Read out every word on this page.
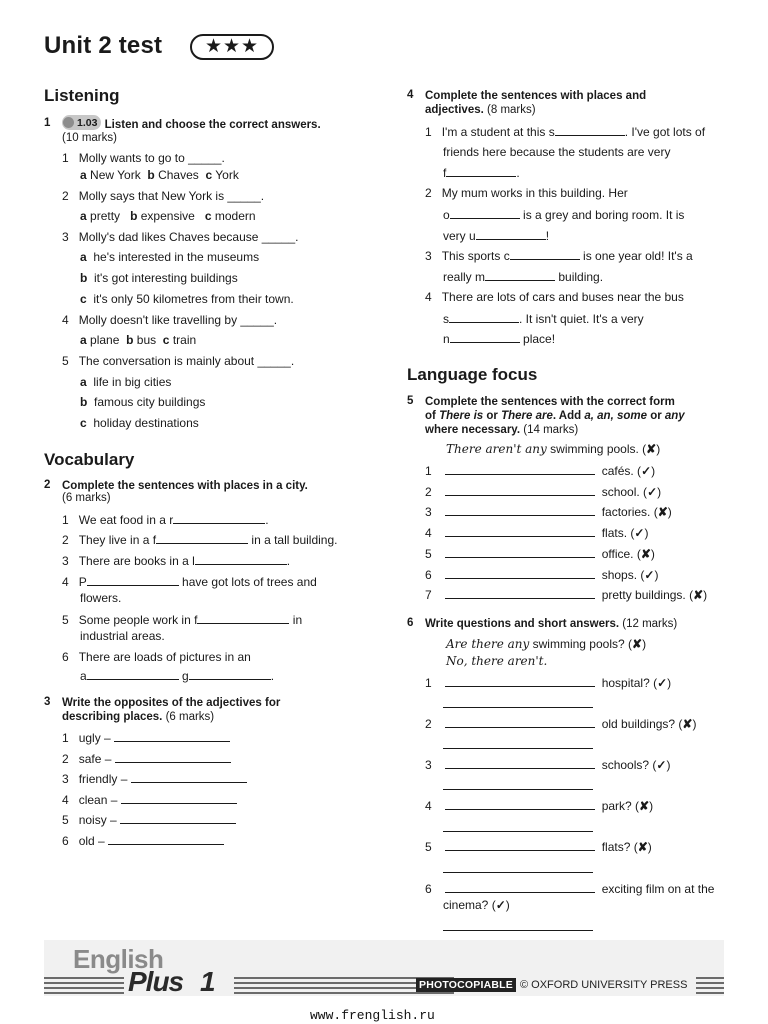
Unit 2 test	★★★
Listening
1	1.03 Listen and choose the correct answers.
(10 marks)
1 Molly wants to go to _____.
a New York b Chaves c York
2 Molly says that New York is _____.
a pretty b expensive c modern
3 Molly's dad likes Chaves because _____.
a he's interested in the museums
b it's got interesting buildings
c it's only 50 kilometres from their town.
4 Molly doesn't like travelling by _____.
a plane b bus c train
5 The conversation is mainly about _____.
a life in big cities
b famous city buildings
c holiday destinations
Vocabulary
2 Complete the sentences with places in a city.
(6 marks)
1 We eat food in a r	.
2 They live in a f	in a tall building.
3 There are books in a l	.
4 P	have got lots of trees and
flowers.
5 Some people work in f	in
industrial areas.
6 There are loads of pictures in an
a	g	.
3 Write the opposites of the adjectives for
describing places. (6 marks)
1 ugly –
2 safe –
3 friendly –
4 clean –
5 noisy –
6 old –
4 Complete the sentences with places and
adjectives. (8 marks)
1 I'm a student at this s	. I've got lots of
friends here because the students are very
f	.
2 My mum works in this building. Her
o	is a grey and boring room. It is
very u	!
3 This sports c	is one year old! It's a
really m	building.
4 There are lots of cars and buses near the bus
s	. It isn't quiet. It's a very
n	place!
Language focus
5 Complete the sentences with the correct form
of There is or There are. Add a, an, some or any
where necessary. (14 marks)
There aren't any swimming pools. (✘)
1	cafés. (✓)
2	school. (✓)
3	factories. (✘)
4	flats. (✓)
5	office. (✘)
6	shops. (✓)
7	pretty buildings. (✘)
6 Write questions and short answers. (12 marks)
Are there any swimming pools? (✘)
No, there aren't.
1	hospital? (✓)
2	old buildings? (✘)
3	schools? (✓)
4	park? (✘)
5	flats? (✘)
6	exciting film on at the
cinema? (✓)
English
Plus 1	PHOTOCOPIABLE © OXFORD UNIVERSITY PRESS
www.frenglish.ru
